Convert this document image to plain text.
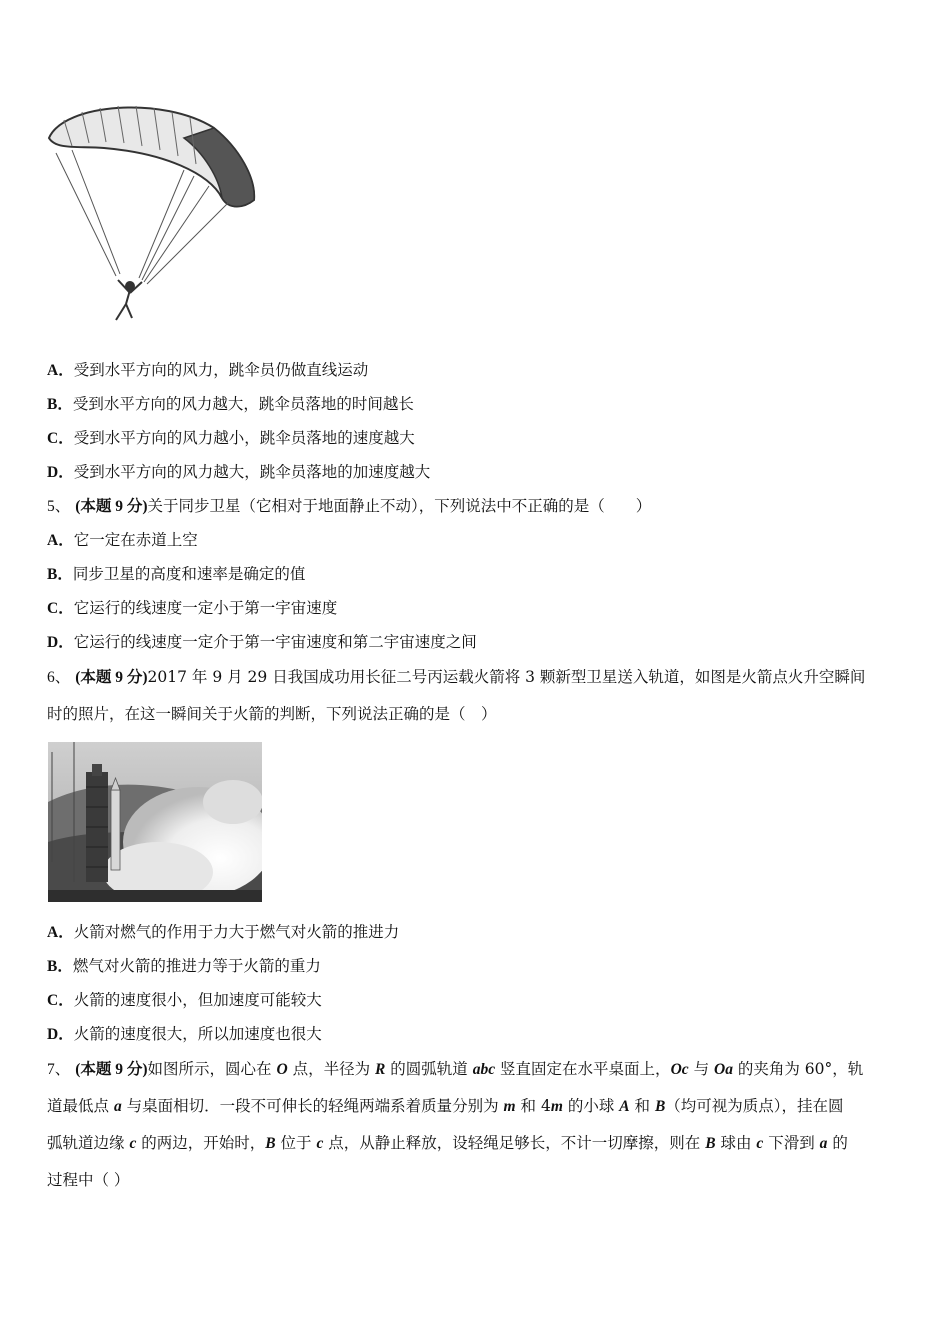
A．受到水平方向的风力，跳伞员仍做直线运动
B．受到水平方向的风力越大，跳伞员落地的时间越长
C．受到水平方向的风力越小，跳伞员落地的速度越大
D．受到水平方向的风力越大，跳伞员落地的加速度越大
5、 (本题 9 分)关于同步卫星（它相对于地面静止不动），下列说法中不正确的是（　　）
A．它一定在赤道上空
B．同步卫星的高度和速率是确定的值
C．它运行的线速度一定小于第一宇宙速度
D．它运行的线速度一定介于第一宇宙速度和第二宇宙速度之间
6、 (本题 9 分)2017 年 9 月 29 日我国成功用长征二号丙运载火箭将 3 颗新型卫星送入轨道，如图是火箭点火升空瞬间
时的照片，在这一瞬间关于火箭的判断，下列说法正确的是（　）
A．火箭对燃气的作用于力大于燃气对火箭的推进力
B．燃气对火箭的推进力等于火箭的重力
C．火箭的速度很小，但加速度可能较大
D．火箭的速度很大，所以加速度也很大
7、 (本题 9 分)如图所示，圆心在 O 点，半径为 R 的圆弧轨道 abc 竖直固定在水平桌面上，Oc 与 Oa 的夹角为 60°，轨
道最低点 a 与桌面相切．一段不可伸长的轻绳两端系着质量分别为 m 和 4m 的小球 A 和 B（均可视为质点），挂在圆
弧轨道边缘 c 的两边，开始时，B 位于 c 点，从静止释放，设轻绳足够长，不计一切摩擦，则在 B 球由 c 下滑到 a 的
过程中（ ）
